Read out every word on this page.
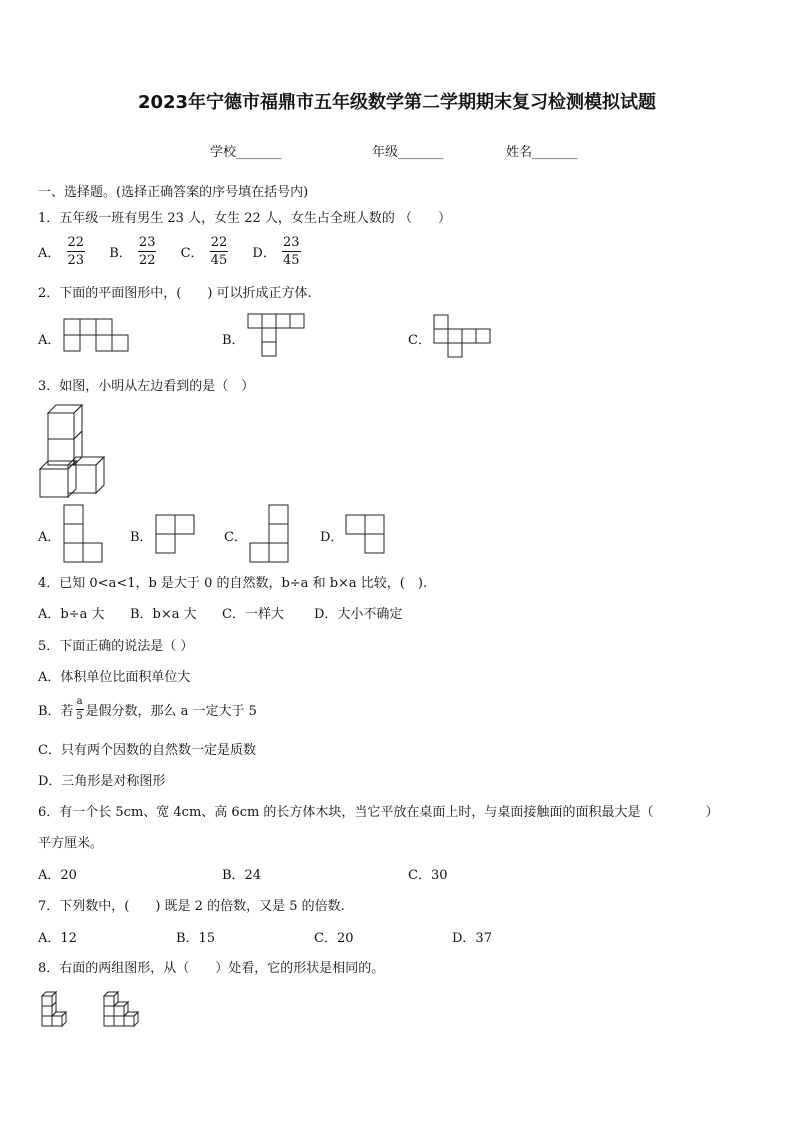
2023年宁德市福鼎市五年级数学第二学期期末复习检测模拟试题
学校_______	年级_______	姓名_______
一、选择题。(选择正确答案的序号填在括号内)
1．五年级一班有男生 23 人，女生 22 人，女生占全班人数的 （　　）
A． $\frac{22}{23}$ B． $\frac{23}{22}$ C． $\frac{22}{45}$ D． $\frac{23}{45}$
2．下面的平面图形中，(　　) 可以折成正方体.
A．	B．	C．
3．如图，小明从左边看到的是（　）
A．	B．	C．	D．
4．已知 0<a<1，b 是大于 0 的自然数，b÷a 和 b×a 比较，(　).
A．b÷a 大 B．b×a 大 C．一样大 D．大小不确定
5．下面正确的说法是（ ）
A．体积单位比面积单位大
B．若 $\frac{a}{5}$ 是假分数，那么 a 一定大于 5
C．只有两个因数的自然数一定是质数
D．三角形是对称图形
6．有一个长 5cm、宽 4cm、高 6cm 的长方体木块，当它平放在桌面上时，与桌面接触面的面积最大是（　　　　）
平方厘米。
A．20	B．24	C．30
7．下列数中，(　　) 既是 2 的倍数，又是 5 的倍数.
A．12	B．15	C．20	D．37
8．右面的两组图形，从（　　）处看，它的形状是相同的。
